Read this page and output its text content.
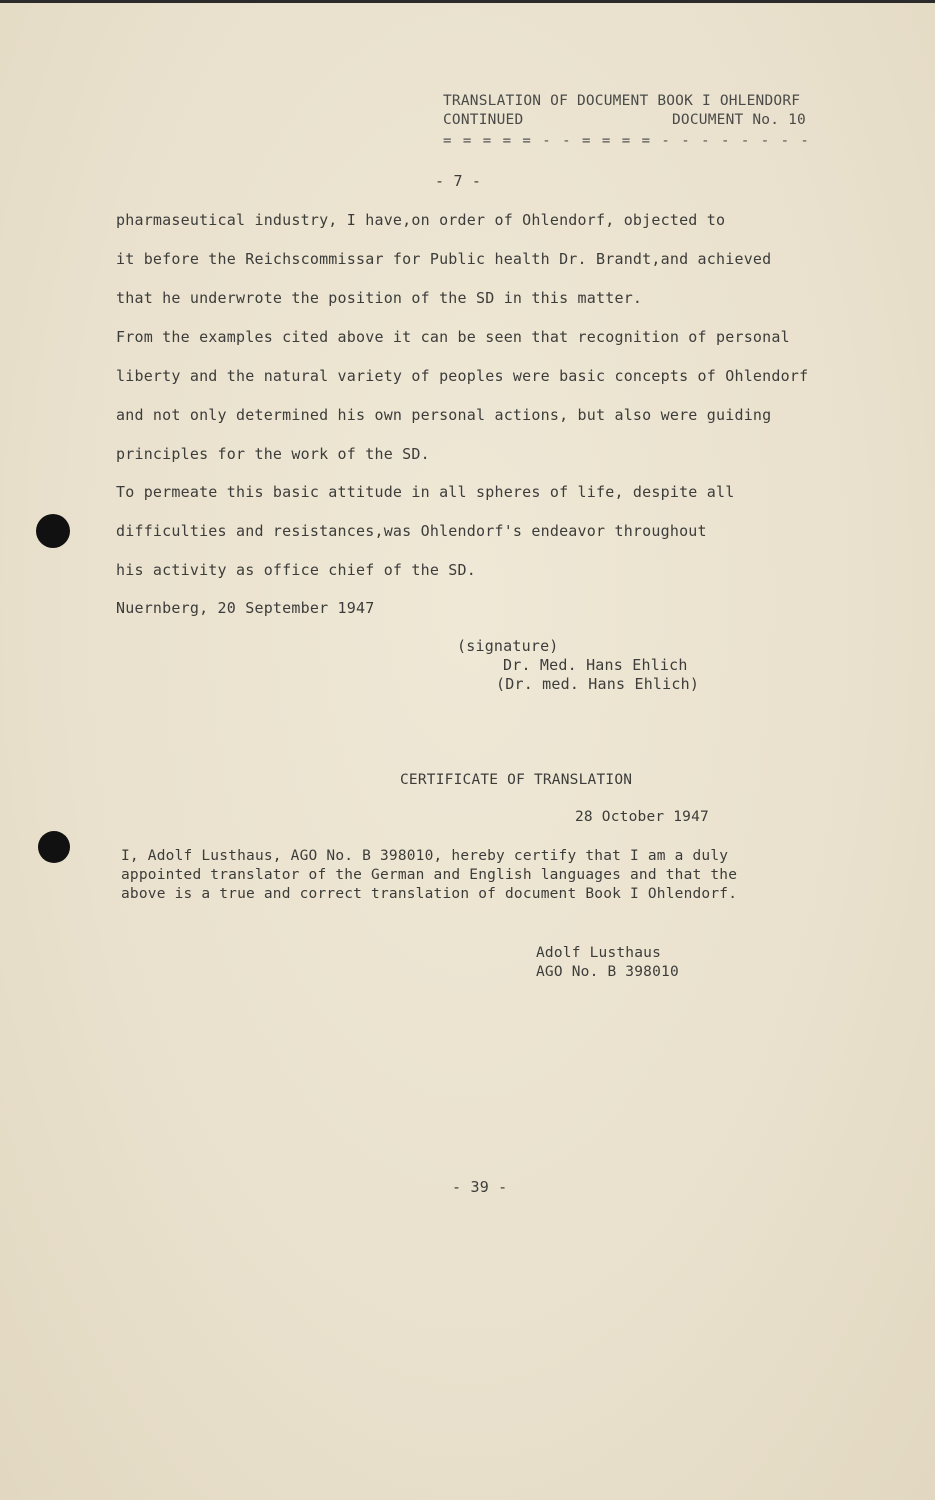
TRANSLATION OF DOCUMENT BOOK I OHLENDORF
CONTINUED	DOCUMENT No. 10
= = = = = - - = = = = - - - - - - - -
- 7 -
pharmaseutical industry, I have,on order of Ohlendorf, objected to
it before the Reichscommissar for Public health Dr. Brandt,and achieved
that he underwrote the position of the SD in this matter.
From the examples cited above it can be seen that recognition of personal
liberty and the natural variety of peoples were basic concepts of Ohlendorf
and not only determined his own personal actions, but also were guiding
principles for the work of the SD.
To permeate this basic attitude in all spheres of life, despite all
difficulties and resistances,was Ohlendorf's endeavor throughout
his activity as office chief of the SD.
Nuernberg, 20 September 1947
(signature)
Dr. Med. Hans Ehlich
(Dr. med. Hans Ehlich)
CERTIFICATE OF TRANSLATION
28 October 1947
I, Adolf Lusthaus, AGO No. B 398010, hereby certify that I am a duly
appointed translator of the German and English languages and that the
above is a true and correct translation of document Book I Ohlendorf.
Adolf Lusthaus
AGO No. B 398010
- 39 -
